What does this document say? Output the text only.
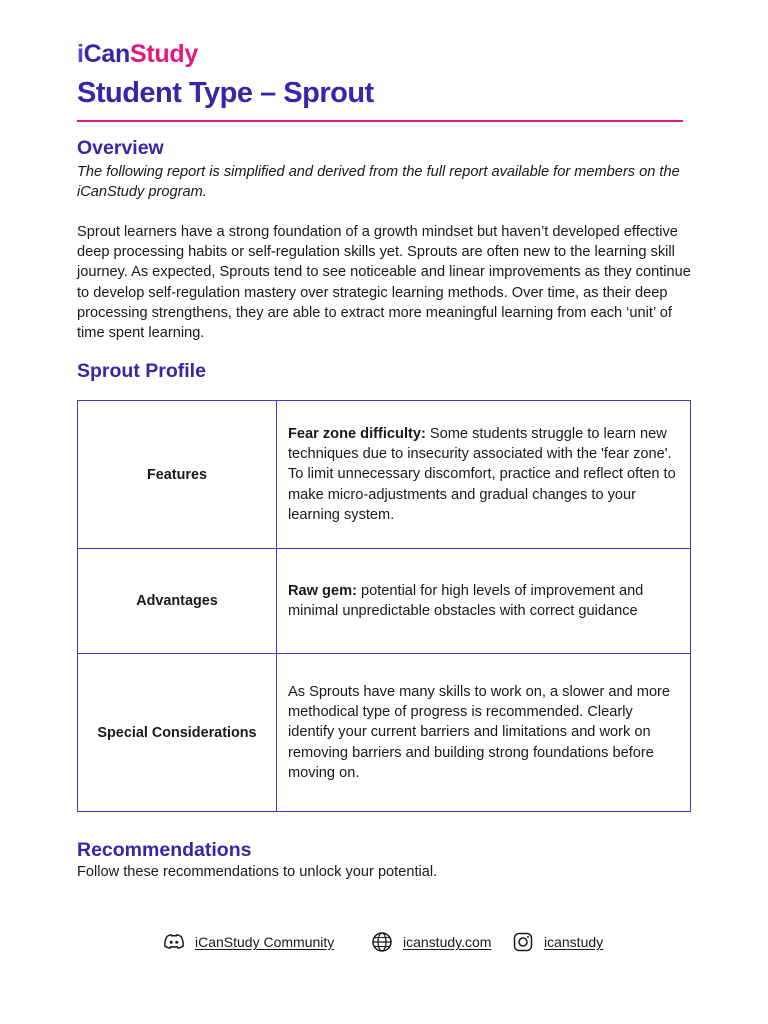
i Can Study
Student Type – Sprout
Overview

The following report is simplified and derived from the full report available for members on the iCanStudy program.

Sprout learners have a strong foundation of a growth mindset but haven’t developed effective deep processing habits or self-regulation skills yet. Sprouts are often new to the learning skill journey. As expected, Sprouts tend to see noticeable and linear improvements as they continue to develop self-regulation mastery over strategic learning methods. Over time, as their deep processing strengthens, they are able to extract more meaningful learning from each ‘unit’ of time spent learning.

Sprout Profile
Features	Fear zone difficulty: Some students struggle to learn new techniques due to insecurity associated with the 'fear zone'. To limit unnecessary discomfort, practice and reflect often to make micro-adjustments and gradual changes to your learning system.
Advantages	Raw gem: potential for high levels of improvement and minimal unpredictable obstacles with correct guidance
Special Considerations	As Sprouts have many skills to work on, a slower and more methodical type of progress is recommended. Clearly identify your current barriers and limitations and work on removing barriers and building strong foundations before moving on.
Recommendations

Follow these recommendations to unlock your potential.

iCanStudy Community	icanstudy.com	icanstudy
